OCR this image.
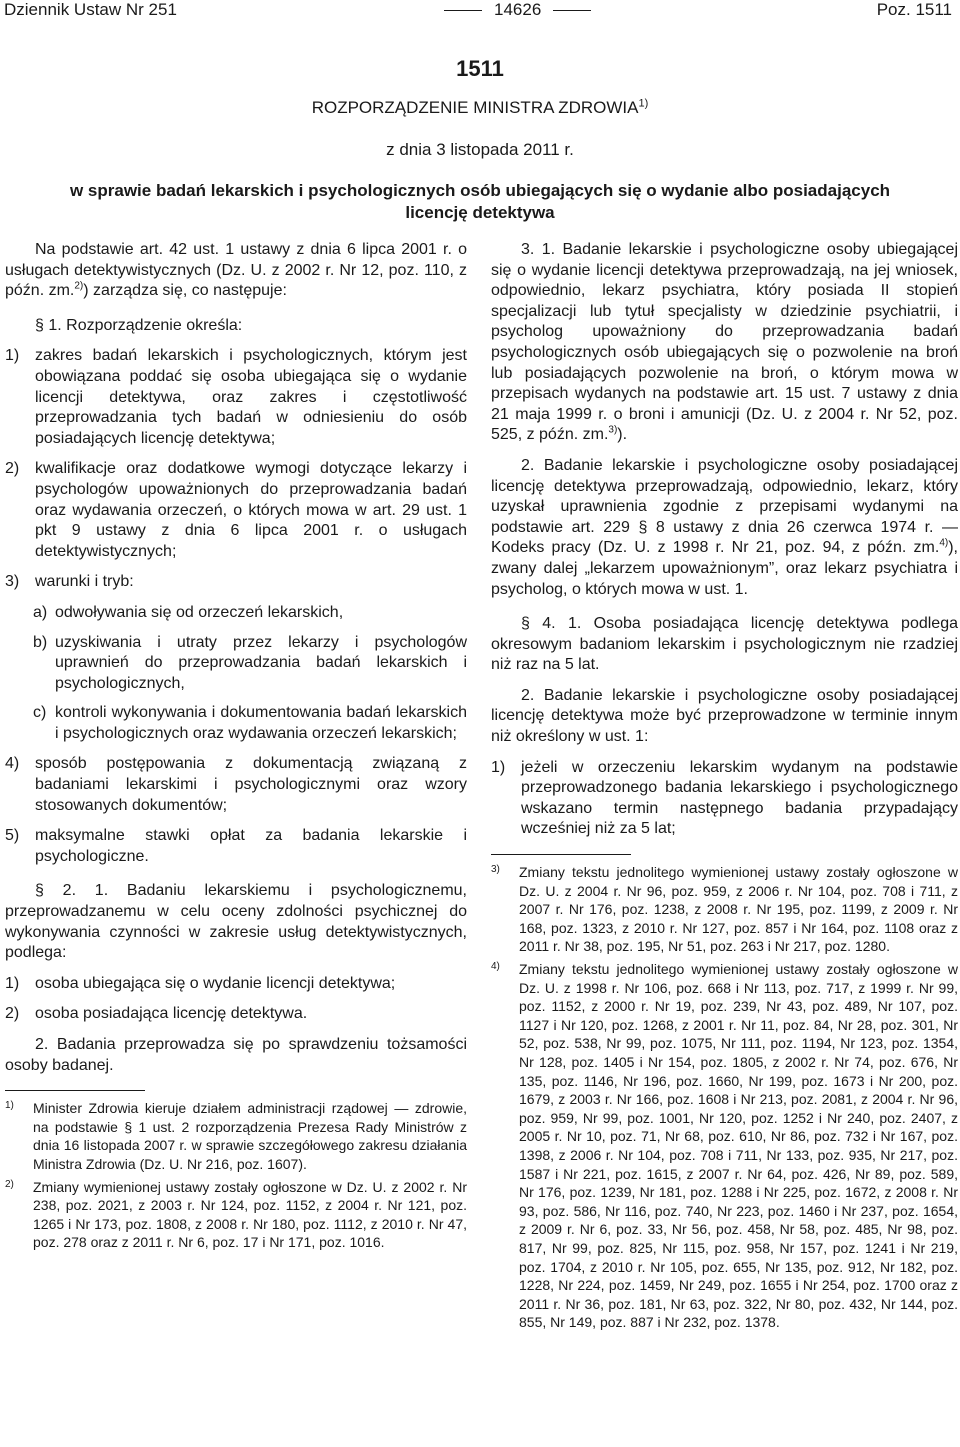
Dziennik Ustaw Nr 251	14626	Poz. 1511
1511
ROZPORZĄDZENIE MINISTRA ZDROWIA$^{1)}$
z dnia 3 listopada 2011 r.
w sprawie badań lekarskich i psychologicznych osób ubiegających się o wydanie albo posiadających licencję detektywa

Na podstawie art. 42 ust. 1 ustawy z dnia 6 lipca 2001 r. o usługach detektywistycznych (Dz. U. z 2002 r. Nr 12, poz. 110, z późn. zm.$^{2)}$) zarządza się, co następuje:

§ 1. Rozporządzenie określa:

1) zakres badań lekarskich i psychologicznych, którym jest obowiązana poddać się osoba ubiegająca się o wydanie licencji detektywa, oraz zakres i częstotliwość przeprowadzania tych badań w odniesieniu do osób posiadających licencję detektywa;
2) kwalifikacje oraz dodatkowe wymogi dotyczące lekarzy i psychologów upoważnionych do przeprowadzania badań oraz wydawania orzeczeń, o których mowa w art. 29 ust. 1 pkt 9 ustawy z dnia 6 lipca 2001 r. o usługach detektywistycznych;
3) warunki i tryb:
a) odwoływania się od orzeczeń lekarskich,
b) uzyskiwania i utraty przez lekarzy i psychologów uprawnień do przeprowadzania badań lekarskich i psychologicznych,
c) kontroli wykonywania i dokumentowania badań lekarskich i psychologicznych oraz wydawania orzeczeń lekarskich;
4) sposób postępowania z dokumentacją związaną z badaniami lekarskimi i psychologicznymi oraz wzory stosowanych dokumentów;
5) maksymalne stawki opłat za badania lekarskie i psychologiczne.

§ 2. 1. Badaniu lekarskiemu i psychologicznemu, przeprowadzanemu w celu oceny zdolności psychicznej do wykonywania czynności w zakresie usług detektywistycznych, podlega:

1) osoba ubiegająca się o wydanie licencji detektywa;
2) osoba posiadająca licencję detektywa.

2. Badania przeprowadza się po sprawdzeniu tożsamości osoby badanej.

1) Minister Zdrowia kieruje działem administracji rządowej — zdrowie, na podstawie § 1 ust. 2 rozporządzenia Prezesa Rady Ministrów z dnia 16 listopada 2007 r. w sprawie szczegółowego zakresu działania Ministra Zdrowia (Dz. U. Nr 216, poz. 1607).
2) Zmiany wymienionej ustawy zostały ogłoszone w Dz. U. z 2002 r. Nr 238, poz. 2021, z 2003 r. Nr 124, poz. 1152, z 2004 r. Nr 121, poz. 1265 i Nr 173, poz. 1808, z 2008 r. Nr 180, poz. 1112, z 2010 r. Nr 47, poz. 278 oraz z 2011 r. Nr 6, poz. 17 i Nr 171, poz. 1016.

3. 1. Badanie lekarskie i psychologiczne osoby ubiegającej się o wydanie licencji detektywa przeprowadzają, na jej wniosek, odpowiednio, lekarz psychiatra, który posiada II stopień specjalizacji lub tytuł specjalisty w dziedzinie psychiatrii, i psycholog upoważniony do przeprowadzania badań psychologicznych osób ubiegających się o pozwolenie na broń lub posiadających pozwolenie na broń, o którym mowa w przepisach wydanych na podstawie art. 15 ust. 7 ustawy z dnia 21 maja 1999 r. o broni i amunicji (Dz. U. z 2004 r. Nr 52, poz. 525, z późn. zm.$^{3)}$).

2. Badanie lekarskie i psychologiczne osoby posiadającej licencję detektywa przeprowadzają, odpowiednio, lekarz, który uzyskał uprawnienia zgodnie z przepisami wydanymi na podstawie art. 229 § 8 ustawy z dnia 26 czerwca 1974 r. — Kodeks pracy (Dz. U. z 1998 r. Nr 21, poz. 94, z późn. zm.$^{4)}$), zwany dalej „lekarzem upoważnionym”, oraz lekarz psychiatra i psycholog, o których mowa w ust. 1.

§ 4. 1. Osoba posiadająca licencję detektywa podlega okresowym badaniom lekarskim i psychologicznym nie rzadziej niż raz na 5 lat.

2. Badanie lekarskie i psychologiczne osoby posiadającej licencję detektywa może być przeprowadzone w terminie innym niż określony w ust. 1:

1) jeżeli w orzeczeniu lekarskim wydanym na podstawie przeprowadzonego badania lekarskiego i psychologicznego wskazano termin następnego badania przypadający wcześniej niż za 5 lat;
3) Zmiany tekstu jednolitego wymienionej ustawy zostały ogłoszone w Dz. U. z 2004 r. Nr 96, poz. 959, z 2006 r. Nr 104, poz. 708 i 711, z 2007 r. Nr 176, poz. 1238, z 2008 r. Nr 195, poz. 1199, z 2009 r. Nr 168, poz. 1323, z 2010 r. Nr 127, poz. 857 i Nr 164, poz. 1108 oraz z 2011 r. Nr 38, poz. 195, Nr 51, poz. 263 i Nr 217, poz. 1280.
4) Zmiany tekstu jednolitego wymienionej ustawy zostały ogłoszone w Dz. U. z 1998 r. Nr 106, poz. 668 i Nr 113, poz. 717, z 1999 r. Nr 99, poz. 1152, z 2000 r. Nr 19, poz. 239, Nr 43, poz. 489, Nr 107, poz. 1127 i Nr 120, poz. 1268, z 2001 r. Nr 11, poz. 84, Nr 28, poz. 301, Nr 52, poz. 538, Nr 99, poz. 1075, Nr 111, poz. 1194, Nr 123, poz. 1354, Nr 128, poz. 1405 i Nr 154, poz. 1805, z 2002 r. Nr 74, poz. 676, Nr 135, poz. 1146, Nr 196, poz. 1660, Nr 199, poz. 1673 i Nr 200, poz. 1679, z 2003 r. Nr 166, poz. 1608 i Nr 213, poz. 2081, z 2004 r. Nr 96, poz. 959, Nr 99, poz. 1001, Nr 120, poz. 1252 i Nr 240, poz. 2407, z 2005 r. Nr 10, poz. 71, Nr 68, poz. 610, Nr 86, poz. 732 i Nr 167, poz. 1398, z 2006 r. Nr 104, poz. 708 i 711, Nr 133, poz. 935, Nr 217, poz. 1587 i Nr 221, poz. 1615, z 2007 r. Nr 64, poz. 426, Nr 89, poz. 589, Nr 176, poz. 1239, Nr 181, poz. 1288 i Nr 225, poz. 1672, z 2008 r. Nr 93, poz. 586, Nr 116, poz. 740, Nr 223, poz. 1460 i Nr 237, poz. 1654, z 2009 r. Nr 6, poz. 33, Nr 56, poz. 458, Nr 58, poz. 485, Nr 98, poz. 817, Nr 99, poz. 825, Nr 115, poz. 958, Nr 157, poz. 1241 i Nr 219, poz. 1704, z 2010 r. Nr 105, poz. 655, Nr 135, poz. 912, Nr 182, poz. 1228, Nr 224, poz. 1459, Nr 249, poz. 1655 i Nr 254, poz. 1700 oraz z 2011 r. Nr 36, poz. 181, Nr 63, poz. 322, Nr 80, poz. 432, Nr 144, poz. 855, Nr 149, poz. 887 i Nr 232, poz. 1378.
